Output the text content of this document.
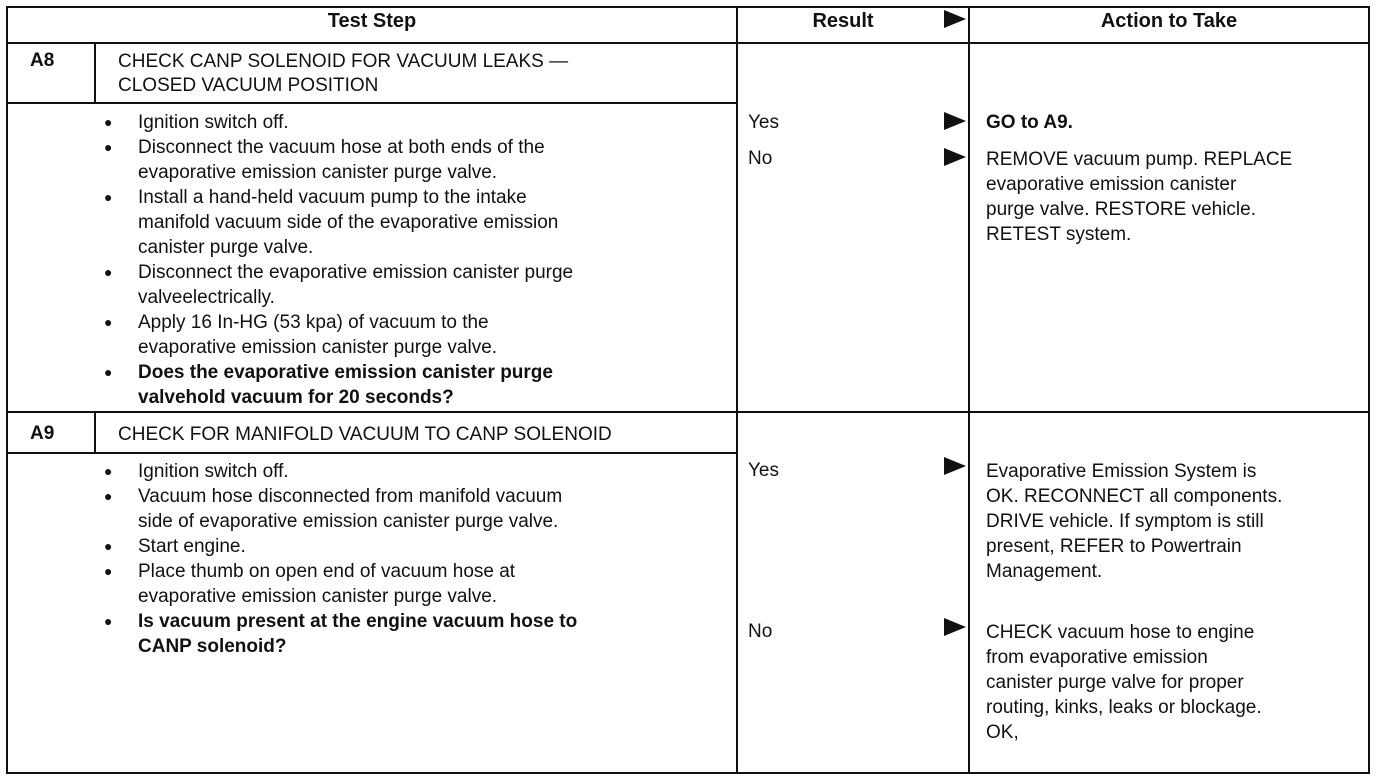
Test Step	Result	Action to Take
A8	CHECK CANP SOLENOID FOR VACUUM LEAKS —
CLOSED VACUUM POSITION
● Ignition switch off.
● Disconnect the vacuum hose at both ends of the
evaporative emission canister purge valve.
● Install a hand-held vacuum pump to the intake
manifold vacuum side of the evaporative emission
canister purge valve.
● Disconnect the evaporative emission canister purge
valveelectrically.
● Apply 16 In-HG (53 kpa) of vacuum to the
evaporative emission canister purge valve.
● Does the evaporative emission canister purge
valvehold vacuum for 20 seconds?
Yes	GO to A9.
No	REMOVE vacuum pump. REPLACE
evaporative emission canister
purge valve. RESTORE vehicle.
RETEST system.
A9	CHECK FOR MANIFOLD VACUUM TO CANP SOLENOID
● Ignition switch off.
● Vacuum hose disconnected from manifold vacuum
side of evaporative emission canister purge valve.
● Start engine.
● Place thumb on open end of vacuum hose at
evaporative emission canister purge valve.
● Is vacuum present at the engine vacuum hose to
CANP solenoid?
Yes	Evaporative Emission System is
OK. RECONNECT all components.
DRIVE vehicle. If symptom is still
present, REFER to Powertrain
Management.
No	CHECK vacuum hose to engine
from evaporative emission
canister purge valve for proper
routing, kinks, leaks or blockage.
OK,
